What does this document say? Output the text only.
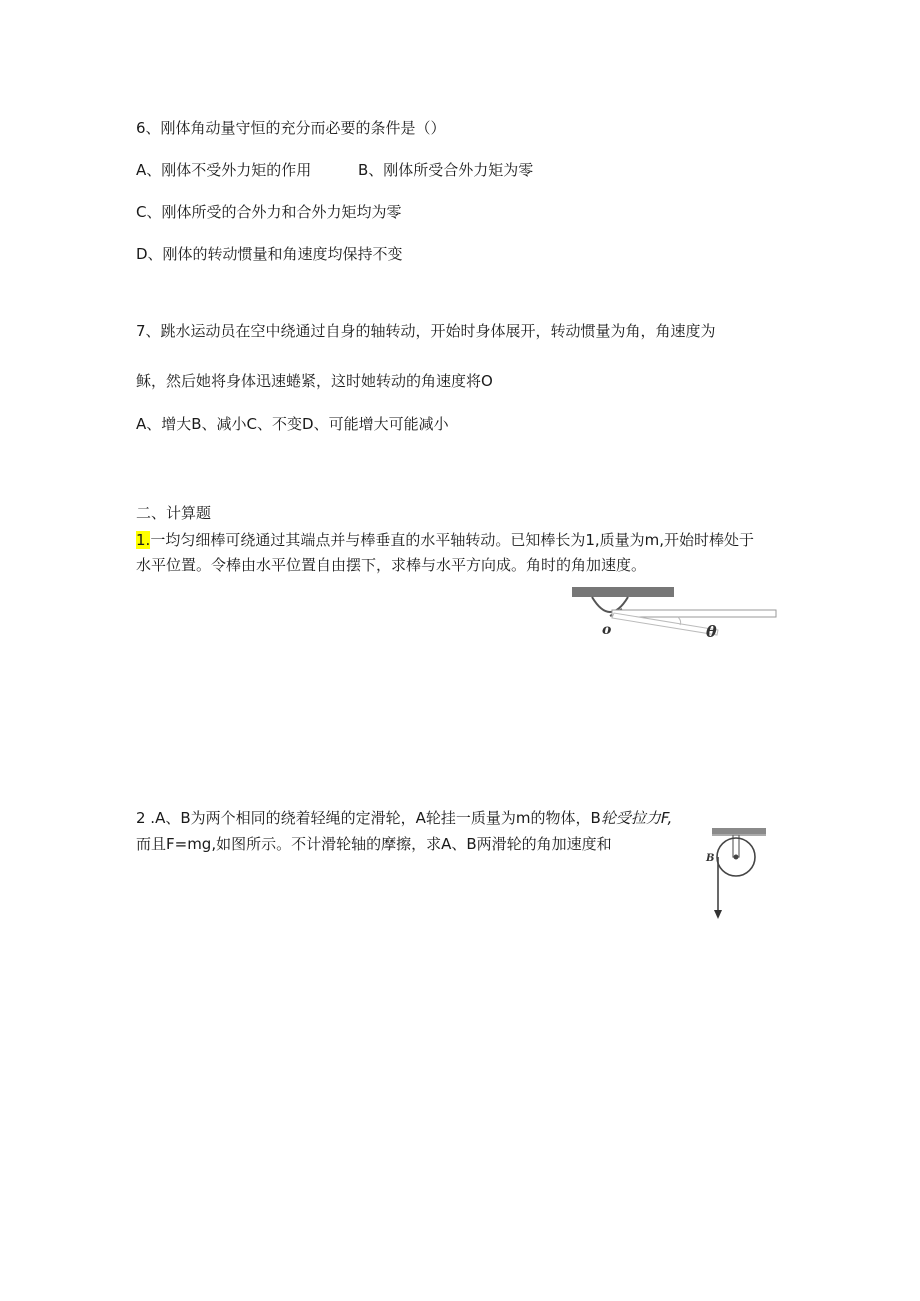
6、刚体角动量守恒的充分而必要的条件是（）
A、刚体不受外力矩的作用	B、刚体所受合外力矩为零
C、刚体所受的合外力和合外力矩均为零
D、刚体的转动惯量和角速度均保持不变
7、跳水运动员在空中绕通过自身的轴转动，开始时身体展开，转动惯量为角，角速度为
稣，然后她将身体迅速蜷紧，这时她转动的角速度将O
A、增大B、减小C、不变D、可能增大可能减小
二、计算题
1.一均匀细棒可绕通过其端点并与棒垂直的水平轴转动。已知棒长为1,质量为m,开始时棒处于
水平位置。令棒由水平位置自由摆下，求棒与水平方向成。角时的角加速度。
o	θ
2 .A、B为两个相同的绕着轻绳的定滑轮，A轮挂一质量为m的物体，B轮受拉力F,
而且F=mg,如图所示。不计滑轮轴的摩擦，求A、B两滑轮的角加速度和
B
